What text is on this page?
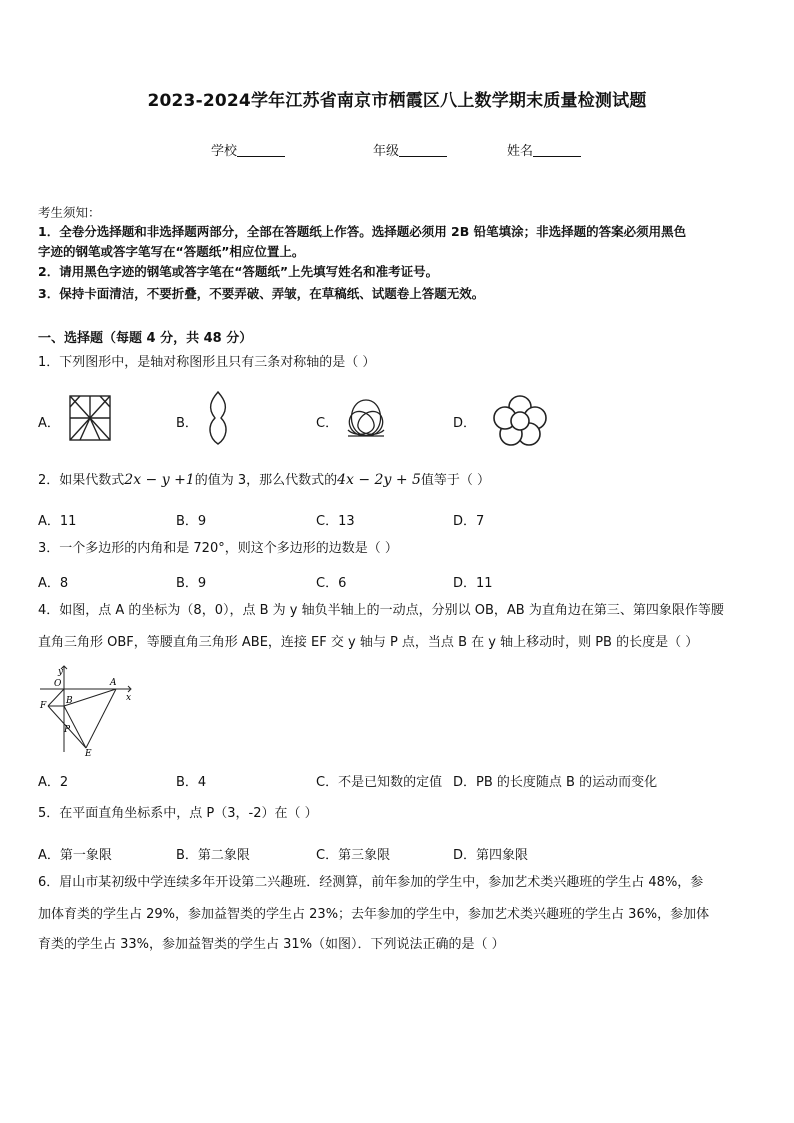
2023-2024学年江苏省南京市栖霞区八上数学期末质量检测试题
学校	年级	姓名
考生须知：
1．全卷分选择题和非选择题两部分，全部在答题纸上作答。选择题必须用 2B 铅笔填涂；非选择题的答案必须用黑色
字迹的钢笔或答字笔写在“答题纸”相应位置上。
2．请用黑色字迹的钢笔或答字笔在“答题纸”上先填写姓名和准考证号。
3．保持卡面清洁，不要折叠，不要弄破、弄皱，在草稿纸、试题卷上答题无效。
一、选择题（每题 4 分，共 48 分）
1．下列图形中，是轴对称图形且只有三条对称轴的是（ ）
A．	B．	C．	D．
2．如果代数式2x − y +1的值为 3，那么代数式的4x − 2y + 5值等于（ ）
A．11	B．9	C．13	D．7
3．一个多边形的内角和是 720°，则这个多边形的边数是（ ）
A．8	B．9	C．6	D．11
4．如图，点 A 的坐标为（8，0），点 B 为 y 轴负半轴上的一动点，分别以 OB，AB 为直角边在第三、第四象限作等腰
直角三角形 OBF，等腰直角三角形 ABE，连接 EF 交 y 轴与 P 点，当点 B 在 y 轴上移动时，则 PB 的长度是（ ）
y
O	A
x
F B
P
E
A．2	B．4	C．不是已知数的定值 D．PB 的长度随点 B 的运动而变化
5．在平面直角坐标系中，点 P（3，-2）在（ ）
A．第一象限	B．第二象限	C．第三象限	D．第四象限
6．眉山市某初级中学连续多年开设第二兴趣班．经测算，前年参加的学生中，参加艺术类兴趣班的学生占 48%，参
加体育类的学生占 29%，参加益智类的学生占 23%；去年参加的学生中，参加艺术类兴趣班的学生占 36%，参加体
育类的学生占 33%，参加益智类的学生占 31%（如图）．下列说法正确的是（ ）
